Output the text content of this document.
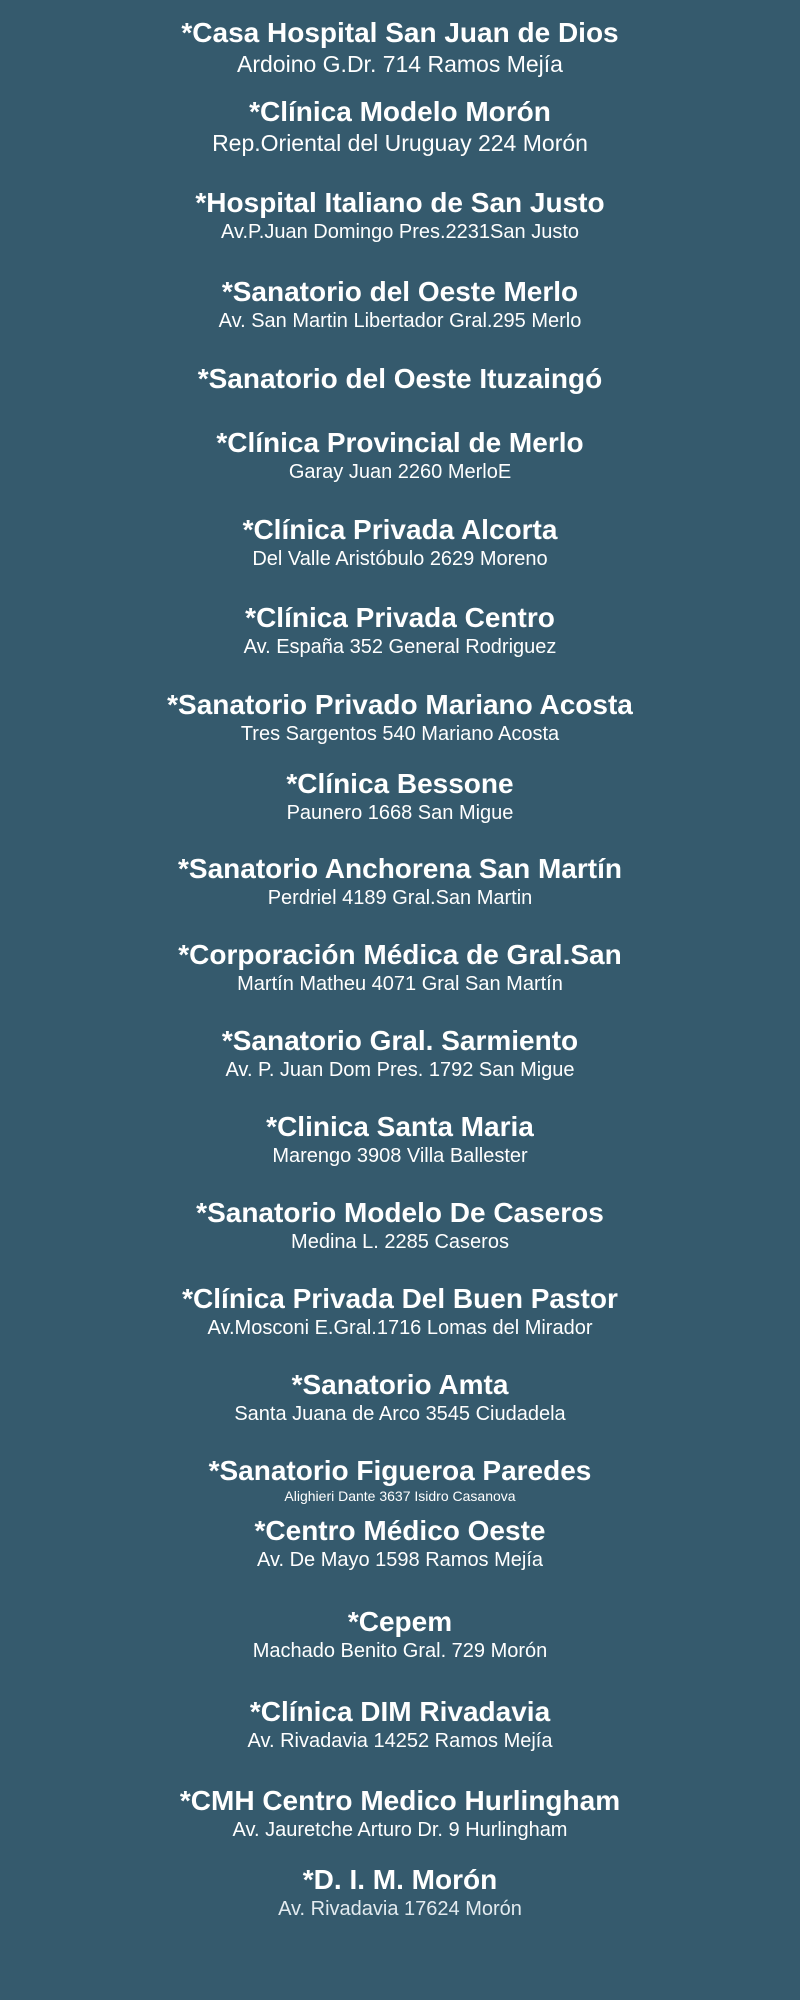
*Casa Hospital San Juan de Dios
Ardoino G.Dr. 714 Ramos Mejía
*Clínica Modelo Morón
Rep.Oriental del Uruguay 224 Morón
*Hospital Italiano de San Justo
Av.P.Juan Domingo Pres.2231San Justo
*Sanatorio del Oeste Merlo
Av. San Martin Libertador Gral.295 Merlo
*Sanatorio del Oeste Ituzaingó
*Clínica Provincial de Merlo
Garay Juan 2260 MerloE
*Clínica Privada Alcorta
Del Valle Aristóbulo 2629 Moreno
*Clínica Privada Centro
Av. España 352 General Rodriguez
*Sanatorio Privado Mariano Acosta
Tres Sargentos 540 Mariano Acosta
*Clínica Bessone
Paunero 1668 San Migue
*Sanatorio Anchorena San Martín
Perdriel 4189 Gral.San Martin
*Corporación Médica de Gral.San
Martín Matheu 4071 Gral San Martín
*Sanatorio Gral. Sarmiento
Av. P. Juan Dom Pres. 1792 San Migue
*Clinica Santa Maria
Marengo 3908 Villa Ballester
*Sanatorio Modelo De Caseros
Medina L. 2285 Caseros
*Clínica Privada Del Buen Pastor
Av.Mosconi E.Gral.1716 Lomas del Mirador
*Sanatorio Amta
Santa Juana de Arco 3545 Ciudadela
*Sanatorio Figueroa Paredes
Alighieri Dante 3637 Isidro Casanova
*Centro Médico Oeste
Av. De Mayo 1598 Ramos Mejía
*Cepem
Machado Benito Gral. 729 Morón
*Clínica DIM Rivadavia
Av. Rivadavia 14252 Ramos Mejía
*CMH Centro Medico Hurlingham
Av. Jauretche Arturo Dr. 9 Hurlingham
*D. I. M. Morón
Av. Rivadavia 17624 Morón
